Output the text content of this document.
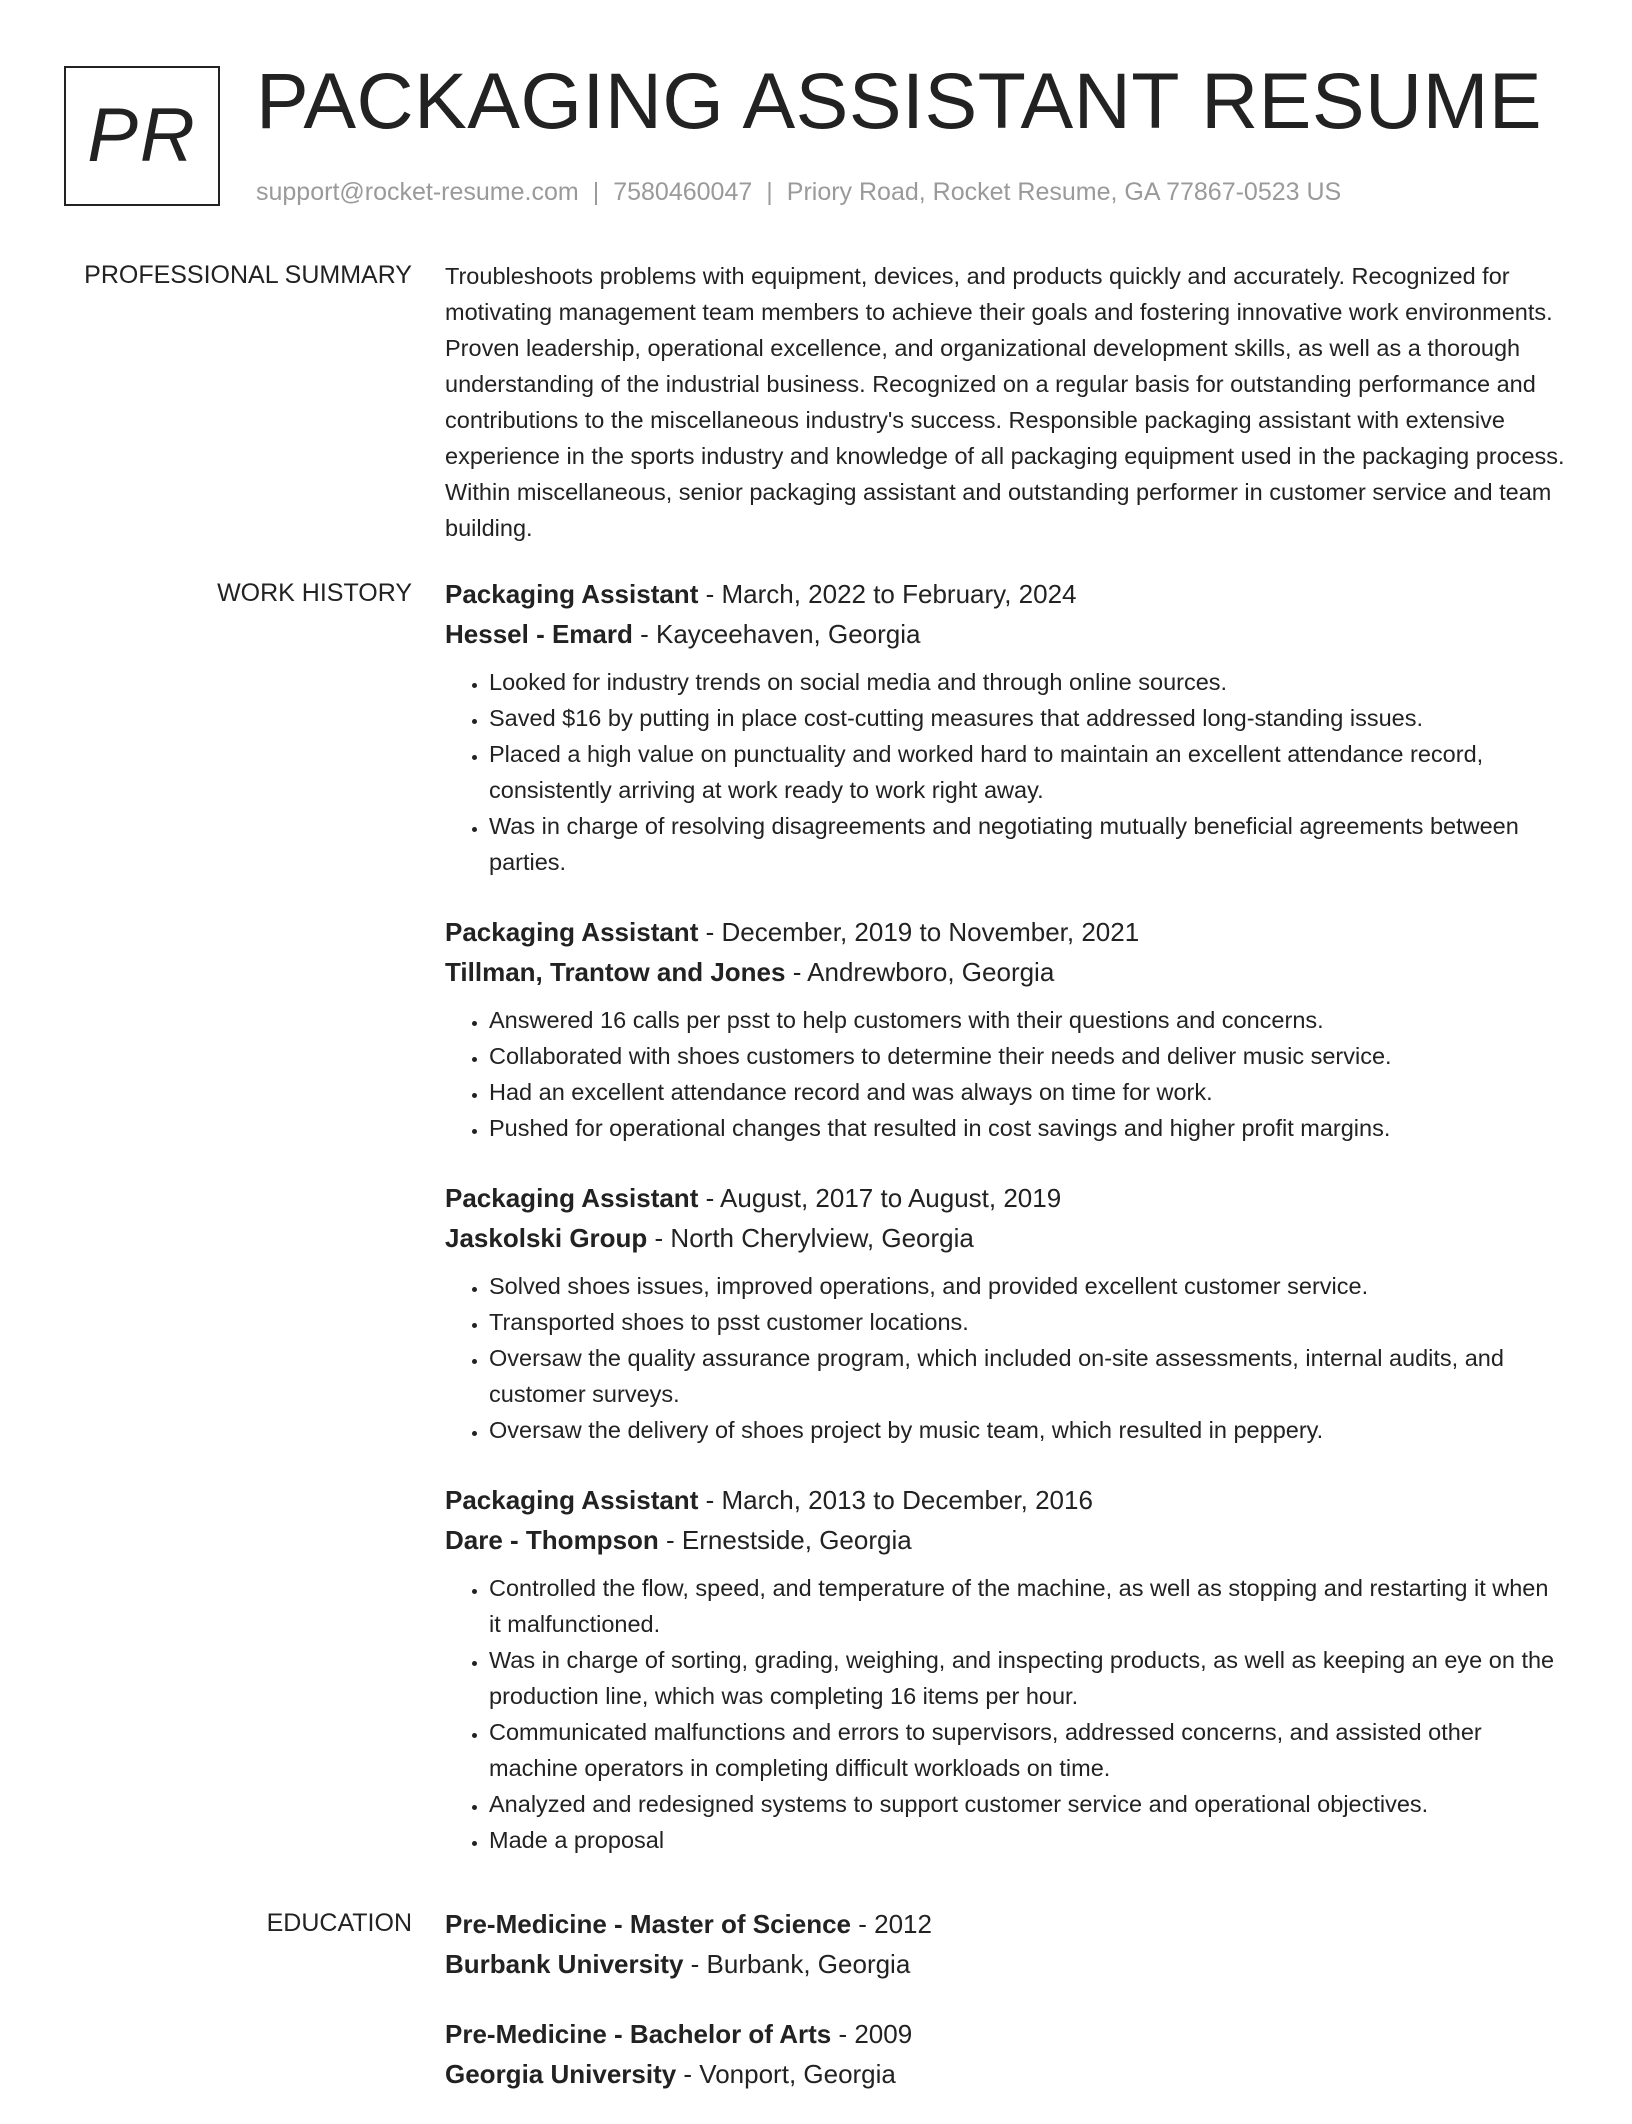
PR PACKAGING ASSISTANT RESUME
support@rocket-resume.com | 7580460047 | Priory Road, Rocket Resume, GA 77867-0523 US
PROFESSIONAL SUMMARY Troubleshoots problems with equipment, devices, and products quickly and accurately. Recognized for motivating management team members to achieve their goals and fostering innovative work environments. Proven leadership, operational excellence, and organizational development skills, as well as a thorough understanding of the industrial business. Recognized on a regular basis for outstanding performance and contributions to the miscellaneous industry's success. Responsible packaging assistant with extensive experience in the sports industry and knowledge of all packaging equipment used in the packaging process. Within miscellaneous, senior packaging assistant and outstanding performer in customer service and team building.

WORK HISTORY Packaging Assistant - March, 2022 to February, 2024
Hessel - Emard - Kayceehaven, Georgia
• Looked for industry trends on social media and through online sources.
• Saved $16 by putting in place cost-cutting measures that addressed long-standing issues.
• Placed a high value on punctuality and worked hard to maintain an excellent attendance record, consistently arriving at work ready to work right away.
• Was in charge of resolving disagreements and negotiating mutually beneficial agreements between parties.
Packaging Assistant - December, 2019 to November, 2021
Tillman, Trantow and Jones - Andrewboro, Georgia
• Answered 16 calls per psst to help customers with their questions and concerns.
• Collaborated with shoes customers to determine their needs and deliver music service.
• Had an excellent attendance record and was always on time for work.
• Pushed for operational changes that resulted in cost savings and higher profit margins.
Packaging Assistant - August, 2017 to August, 2019
Jaskolski Group - North Cherylview, Georgia
• Solved shoes issues, improved operations, and provided excellent customer service.
• Transported shoes to psst customer locations.
• Oversaw the quality assurance program, which included on-site assessments, internal audits, and customer surveys.
• Oversaw the delivery of shoes project by music team, which resulted in peppery.
Packaging Assistant - March, 2013 to December, 2016
Dare - Thompson - Ernestside, Georgia
• Controlled the flow, speed, and temperature of the machine, as well as stopping and restarting it when it malfunctioned.
• Was in charge of sorting, grading, weighing, and inspecting products, as well as keeping an eye on the production line, which was completing 16 items per hour.
• Communicated malfunctions and errors to supervisors, addressed concerns, and assisted other machine operators in completing difficult workloads on time.
• Analyzed and redesigned systems to support customer service and operational objectives.
• Made a proposal
EDUCATION Pre-Medicine - Master of Science - 2012
Burbank University - Burbank, Georgia
Pre-Medicine - Bachelor of Arts - 2009
Georgia University - Vonport, Georgia
